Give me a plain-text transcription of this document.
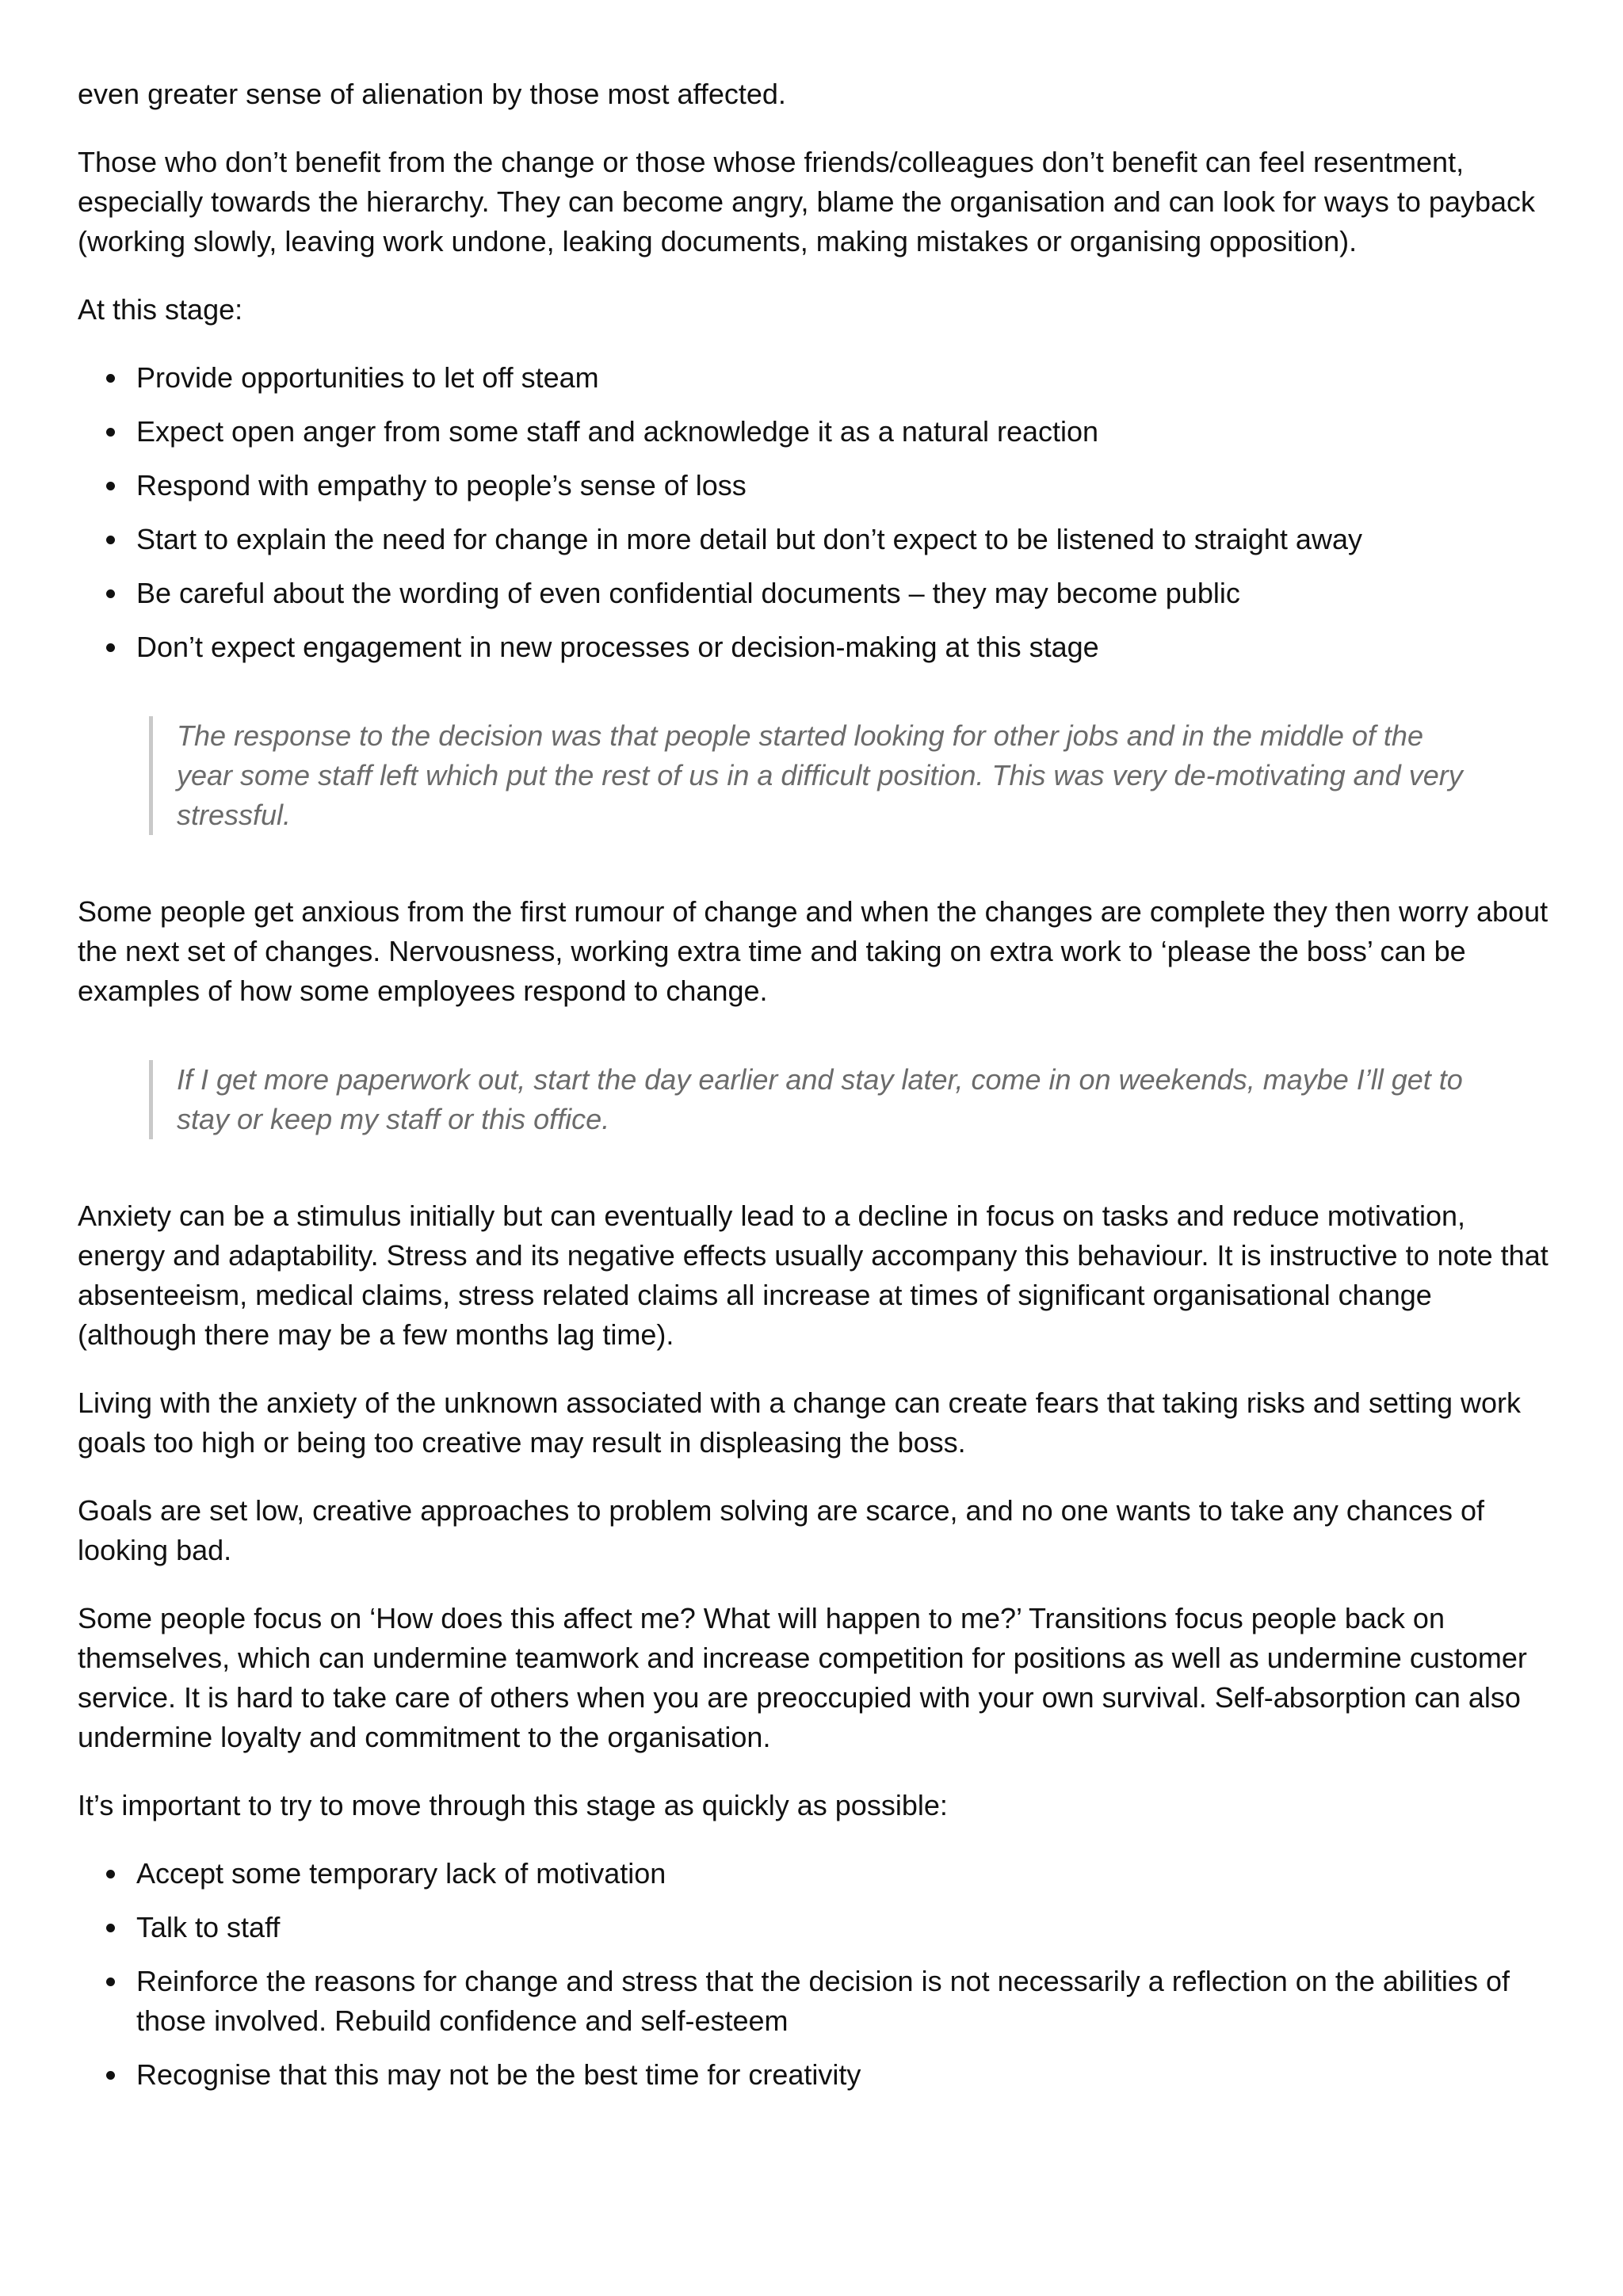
even greater sense of alienation by those most affected.

Those who don’t benefit from the change or those whose friends/colleagues don’t benefit can feel resentment, especially towards the hierarchy. They can become angry, blame the organisation and can look for ways to payback (working slowly, leaving work undone, leaking documents, making mistakes or organising opposition).

At this stage:

Provide opportunities to let off steam
Expect open anger from some staff and acknowledge it as a natural reaction
Respond with empathy to people’s sense of loss
Start to explain the need for change in more detail but don’t expect to be listened to straight away
Be careful about the wording of even confidential documents – they may become public
Don’t expect engagement in new processes or decision-making at this stage
The response to the decision was that people started looking for other jobs and in the middle of the year some staff left which put the rest of us in a difficult position. This was very de-motivating and very stressful.

Some people get anxious from the first rumour of change and when the changes are complete they then worry about the next set of changes. Nervousness, working extra time and taking on extra work to ‘please the boss’ can be examples of how some employees respond to change.

If I get more paperwork out, start the day earlier and stay later, come in on weekends, maybe I’ll get to stay or keep my staff or this office.

Anxiety can be a stimulus initially but can eventually lead to a decline in focus on tasks and reduce motivation, energy and adaptability. Stress and its negative effects usually accompany this behaviour. It is instructive to note that absenteeism, medical claims, stress related claims all increase at times of significant organisational change (although there may be a few months lag time).

Living with the anxiety of the unknown associated with a change can create fears that taking risks and setting work goals too high or being too creative may result in displeasing the boss.

Goals are set low, creative approaches to problem solving are scarce, and no one wants to take any chances of looking bad.

Some people focus on ‘How does this affect me? What will happen to me?’ Transitions focus people back on themselves, which can undermine teamwork and increase competition for positions as well as undermine customer service. It is hard to take care of others when you are preoccupied with your own survival. Self-absorption can also undermine loyalty and commitment to the organisation.

It’s important to try to move through this stage as quickly as possible:

Accept some temporary lack of motivation
Talk to staff
Reinforce the reasons for change and stress that the decision is not necessarily a reflection on the abilities of those involved. Rebuild confidence and self-esteem
Recognise that this may not be the best time for creativity
